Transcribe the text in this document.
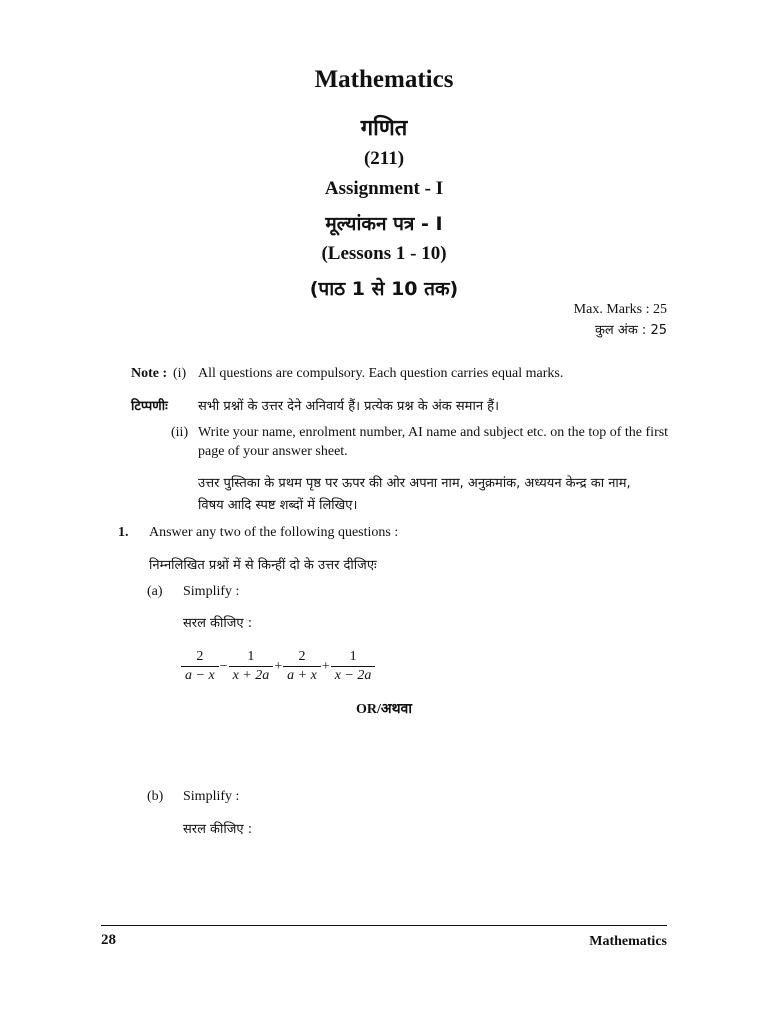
Mathematics
गणित
(211)
Assignment - I
मूल्यांकन पत्र - I
(Lessons 1 - 10)
(पाठ 1 से 10 तक)
Max. Marks : 25
कुल अंक : 25
Note : (i) All questions are compulsory. Each question carries equal marks.
टिप्पणीः सभी प्रश्नों के उत्तर देने अनिवार्य हैं। प्रत्येक प्रश्न के अंक समान हैं।
(ii) Write your name, enrolment number, AI name and subject etc. on the top of the first
page of your answer sheet.
उत्तर पुस्तिका के प्रथम पृष्ठ पर ऊपर की ओर अपना नाम, अनुक्रमांक, अध्ययन केन्द्र का नाम,
विषय आदि स्पष्ट शब्दों में लिखिए।
1. Answer any two of the following questions :
निम्नलिखित प्रश्नों में से किन्हीं दो के उत्तर दीजिएः
(a) Simplify :
सरल कीजिए :
$\frac{2}{a - x} - \frac{1}{x + 2a} + \frac{2}{a + x} + \frac{1}{x - 2a}$
OR/अथवा
(b) Simplify :
सरल कीजिए :
28	Mathematics
